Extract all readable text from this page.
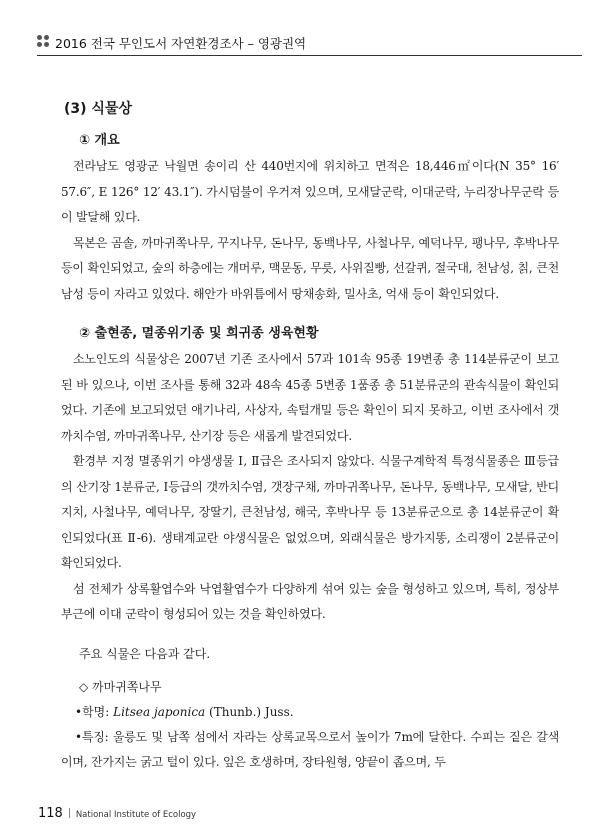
2016 전국 무인도서 자연환경조사 – 영광권역
(3) 식물상
① 개요

전라남도 영광군 낙월면 송이리 산 440번지에 위치하고 면적은 18,446㎡이다(N 35° 16′ 57.6″, E 126° 12′ 43.1″). 가시덤불이 우거져 있으며, 모새달군락, 이대군락, 누리장나무군락 등이 발달해 있다.

목본은 곰솔, 까마귀쪽나무, 꾸지나무, 돈나무, 동백나무, 사철나무, 예덕나무, 팽나무, 후박나무 등이 확인되었고, 숲의 하층에는 개머루, 맥문동, 무릇, 사위질빵, 선갈퀴, 절국대, 천남성, 칡, 큰천남성 등이 자라고 있었다. 해안가 바위틈에서 땅채송화, 밀사초, 억새 등이 확인되었다.

② 출현종, 멸종위기종 및 희귀종 생육현황

소노인도의 식물상은 2007년 기존 조사에서 57과 101속 95종 19변종 총 114분류군이 보고된 바 있으나, 이번 조사를 통해 32과 48속 45종 5변종 1품종 총 51분류군의 관속식물이 확인되었다. 기존에 보고되었던 애기나리, 사상자, 속털개밀 등은 확인이 되지 못하고, 이번 조사에서 갯까치수염, 까마귀쪽나무, 산기장 등은 새롭게 발견되었다.

환경부 지정 멸종위기 야생생물 Ⅰ, Ⅱ급은 조사되지 않았다. 식물구계학적 특정식물종은 Ⅲ등급의 산기장 1분류군, Ⅰ등급의 갯까치수염, 갯장구채, 까마귀쪽나무, 돈나무, 동백나무, 모새달, 반디지치, 사철나무, 예덕나무, 장딸기, 큰천남성, 해국, 후박나무 등 13분류군으로 총 14분류군이 확인되었다(표 Ⅱ-6). 생태계교란 야생식물은 없었으며, 외래식물은 방가지똥, 소리쟁이 2분류군이 확인되었다.

섬 전체가 상록활엽수와 낙엽활엽수가 다양하게 섞여 있는 숲을 형성하고 있으며, 특히, 정상부 부근에 이대 군락이 형성되어 있는 것을 확인하였다.

주요 식물은 다음과 같다.

◇ 까마귀쪽나무

•학명: Litsea japonica (Thunb.) Juss.

•특징: 울릉도 및 남쪽 섬에서 자라는 상록교목으로서 높이가 7m에 달한다. 수피는 짙은 갈색이며, 잔가지는 굵고 털이 있다. 잎은 호생하며, 장타원형, 양끝이 좁으며, 두

118 National Institute of Ecology
